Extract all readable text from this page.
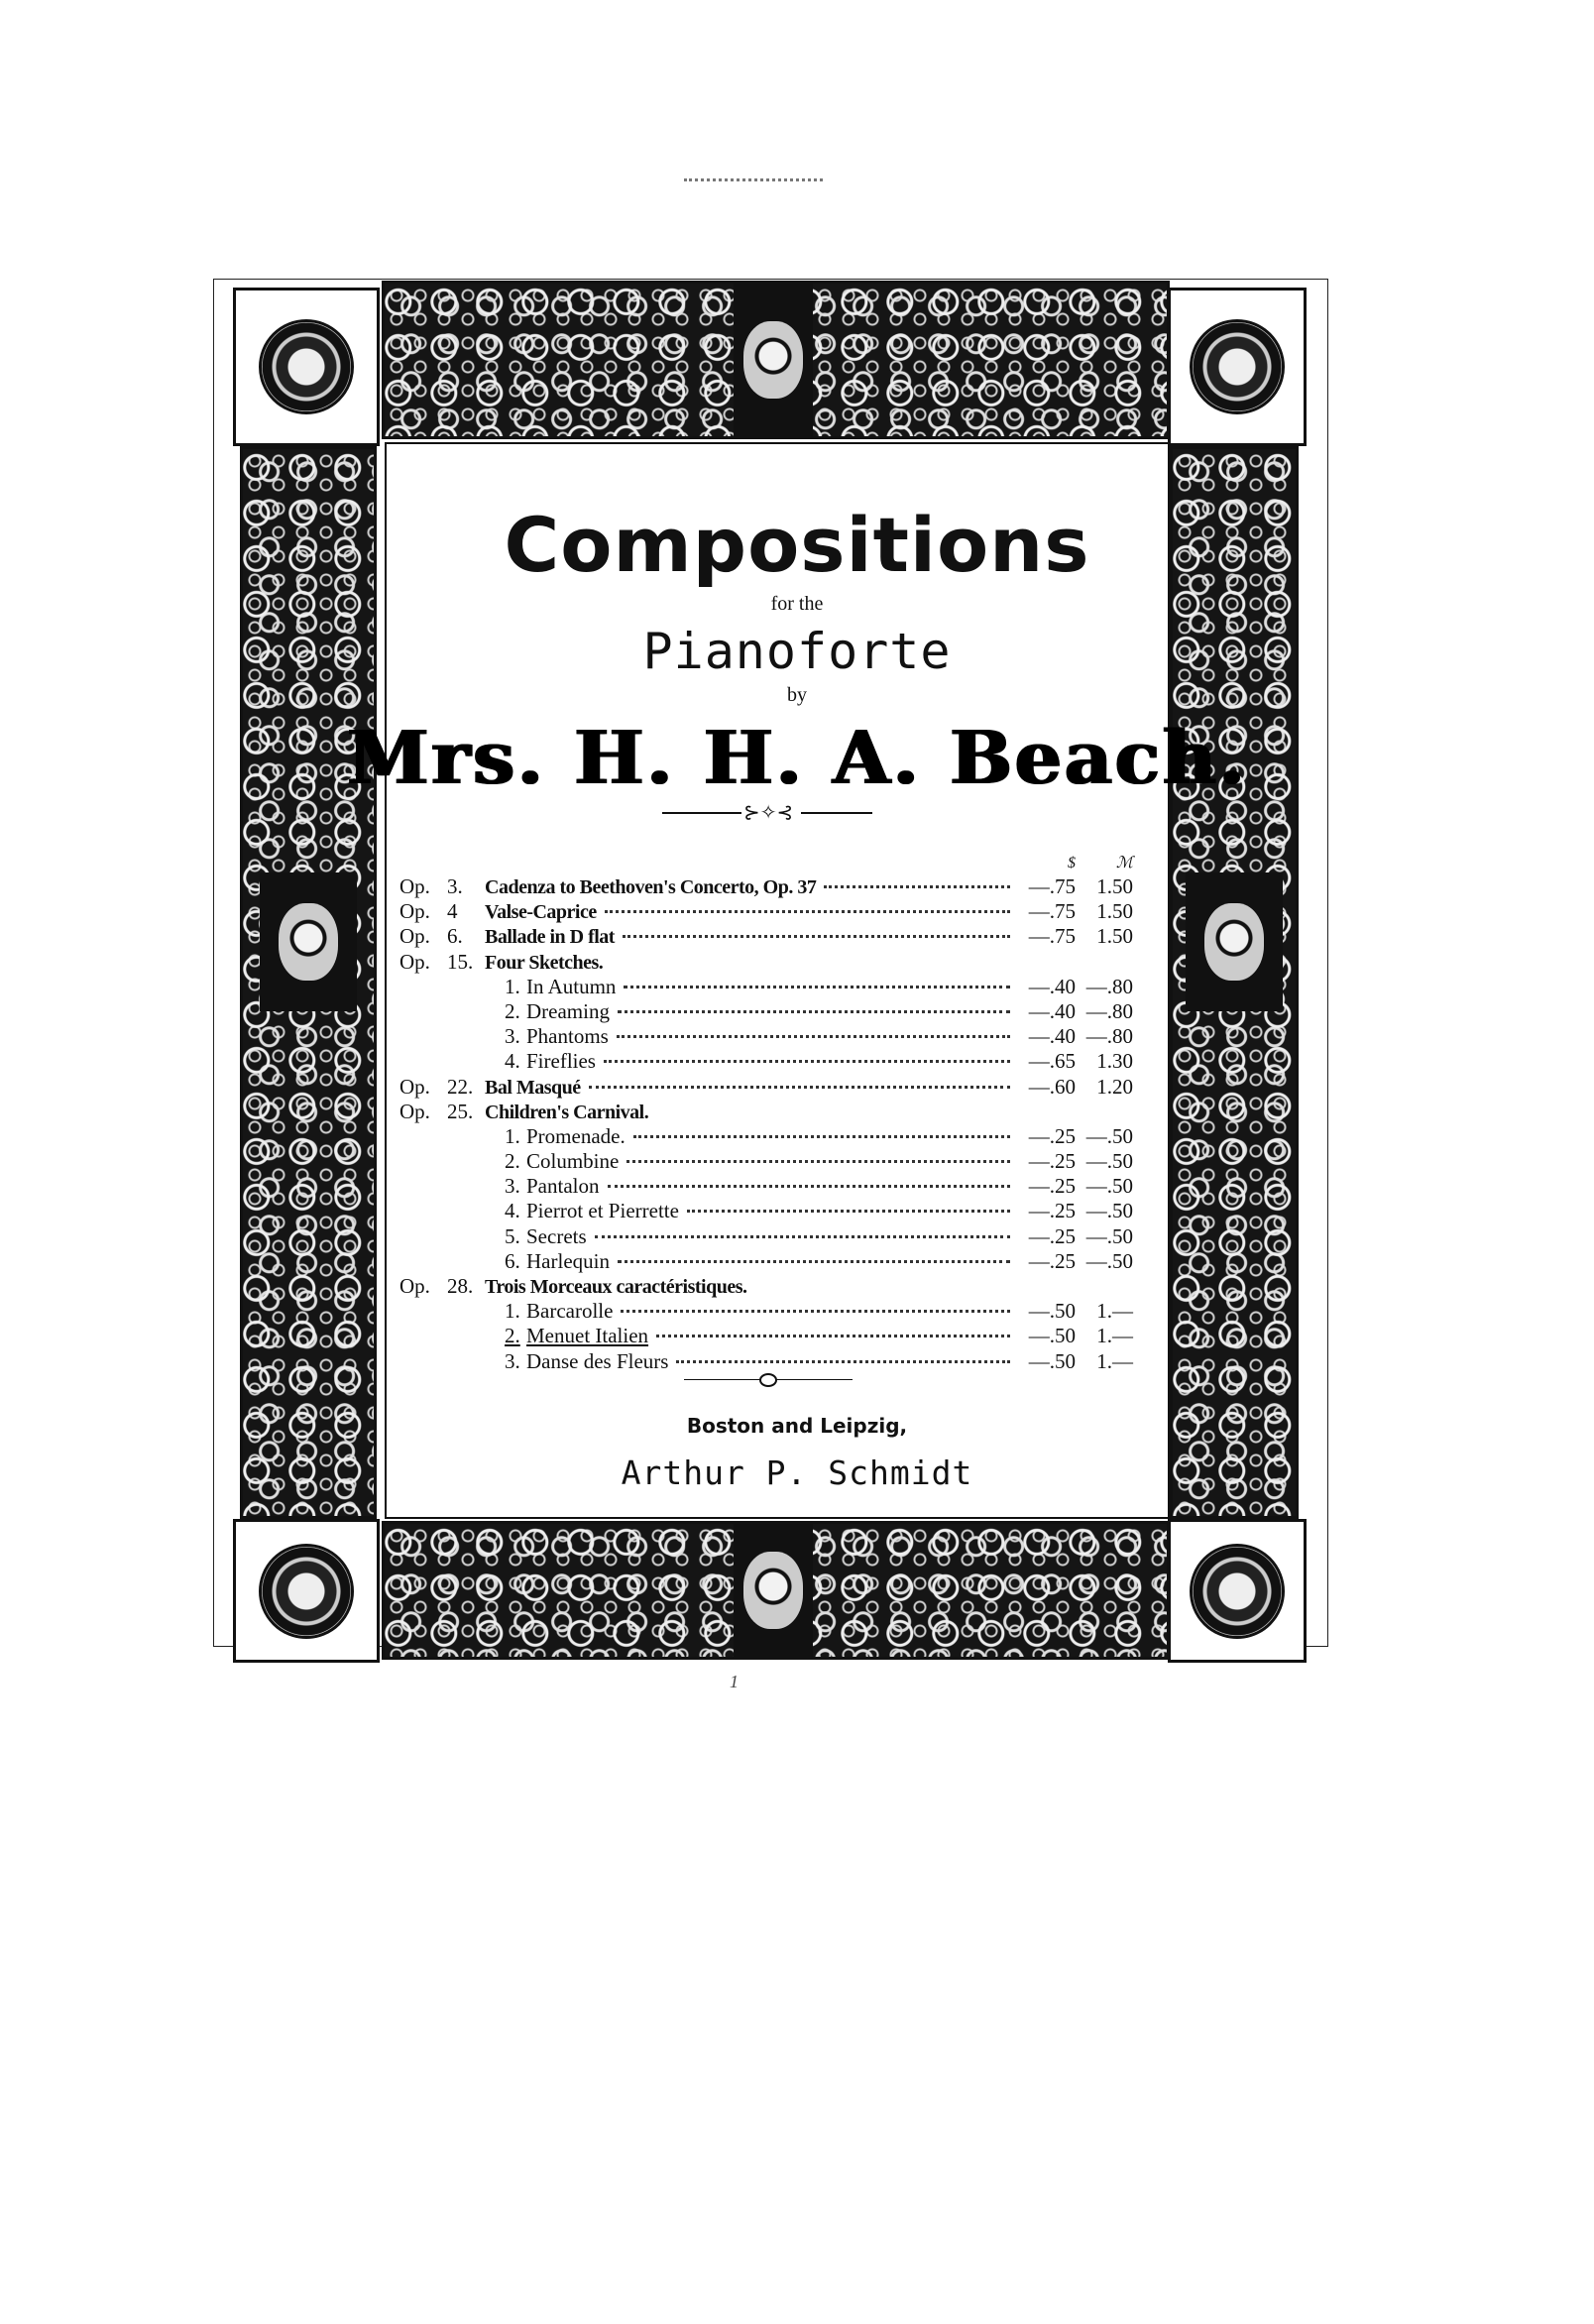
Compositions
for the
Pianoforte
by
Mrs. H. H. A. Beach.
⊱✧⊰
$	ℳ
Op. 3.	Cadenza to Beethoven's Concerto, Op. 37	—.75	1.50
Op. 4	Valse-Caprice	—.75	1.50
Op. 6.	Ballade in D flat	—.75	1.50
Op. 15. Four Sketches.
1. In Autumn	—.40 —.80
2. Dreaming	—.40 —.80
3. Phantoms	—.40 —.80
4. Fireflies	—.65	1.30
Op. 22. Bal Masqué	—.60	1.20
Op. 25. Children's Carnival.
1. Promenade.	—.25 —.50
2. Columbine	—.25 —.50
3. Pantalon	—.25 —.50
4. Pierrot et Pierrette	—.25 —.50
5. Secrets	—.25 —.50
6. Harlequin	—.25 —.50
Op. 28. Trois Morceaux caractéristiques.
1. Barcarolle	—.50	1.—
2. Menuet Italien	—.50	1.—
3. Danse des Fleurs	—.50	1.—
Boston and Leipzig,
Arthur P. Schmidt
1
